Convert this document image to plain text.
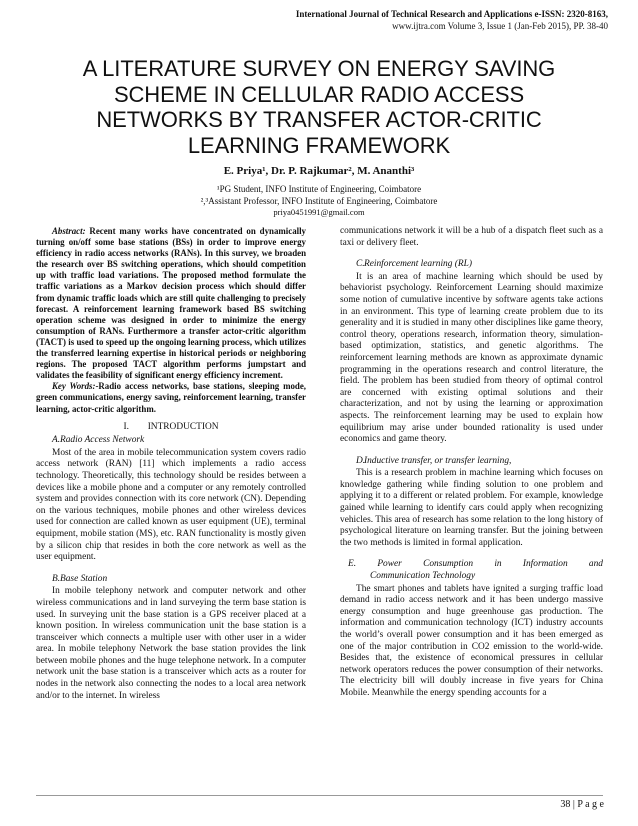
International Journal of Technical Research and Applications e-ISSN: 2320-8163,
www.ijtra.com Volume 3, Issue 1 (Jan-Feb 2015), PP. 38-40
A LITERATURE SURVEY ON ENERGY SAVING
SCHEME IN CELLULAR RADIO ACCESS
NETWORKS BY TRANSFER ACTOR-CRITIC
LEARNING FRAMEWORK
E. Priya¹, Dr. P. Rajkumar², M. Ananthi³
¹PG Student, INFO Institute of Engineering, Coimbatore
²,³Assistant Professor, INFO Institute of Engineering, Coimbatore
priya0451991@gmail.com

Abstract: Recent many works have concentrated on dynamically turning on/off some base stations (BSs) in order to improve energy efficiency in radio access networks (RANs). In this survey, we broaden the research over BS switching operations, which should competition up with traffic load variations. The proposed method formulate the traffic variations as a Markov decision process which should differ from dynamic traffic loads which are still quite challenging to precisely forecast. A reinforcement learning framework based BS switching operation scheme was designed in order to minimize the energy consumption of RANs. Furthermore a transfer actor-critic algorithm (TACT) is used to speed up the ongoing learning process, which utilizes the transferred learning expertise in historical periods or neighboring regions. The proposed TACT algorithm performs jumpstart and validates the feasibility of significant energy efficiency increment.

Key Words:-Radio access networks, base stations, sleeping mode, green communications, energy saving, reinforcement learning, transfer learning, actor-critic algorithm.

I. INTRODUCTION
A.Radio Access Network

Most of the area in mobile telecommunication system covers radio access network (RAN) [11] which implements a radio access technology. Theoretically, this technology should be resides between a devices like a mobile phone and a computer or any remotely controlled system and provides connection with its core network (CN). Depending on the various techniques, mobile phones and other wireless devices used for connection are called known as user equipment (UE), terminal equipment, mobile station (MS), etc. RAN functionality is mostly given by a silicon chip that resides in both the core network as well as the user equipment.

B.Base Station

In mobile telephony network and computer network and other wireless communications and in land surveying the term base station is used. In surveying unit the base station is a GPS receiver placed at a known position. In wireless communication unit the base station is a transceiver which connects a multiple user with other user in a wider area. In mobile telephony Network the base station provides the link between mobile phones and the huge telephone network. In a computer network unit the base station is a transceiver which acts as a router for nodes in the network also connecting the nodes to a local area network and/or to the internet. In wireless

communications network it will be a hub of a dispatch fleet such as a taxi or delivery fleet.

C.Reinforcement learning (RL)

It is an area of machine learning which should be used by behaviorist psychology. Reinforcement Learning should maximize some notion of cumulative incentive by software agents take actions in an environment. This type of learning create problem due to its generality and it is studied in many other disciplines like game theory, control theory, operations research, information theory, simulation-based optimization, statistics, and genetic algorithms. The reinforcement learning methods are known as approximate dynamic programming in the operations research and control literature, the field. The problem has been studied from theory of optimal control are concerned with existing optimal solutions and their characterization, and not by using the learning or approximation aspects. The reinforcement learning may be used to explain how equilibrium may arise under bounded rationality is used under economics and game theory.

D.Inductive transfer, or transfer learning,

This is a research problem in machine learning which focuses on knowledge gathering while finding solution to one problem and applying it to a different or related problem. For example, knowledge gained while learning to identify cars could apply when recognizing vehicles. This area of research has some relation to the long history of psychological literature on learning transfer. But the joining between the two methods is limited in formal application.

E. Power Consumption in Information and
Communication Technology

The smart phones and tablets have ignited a surging traffic load demand in radio access network and it has been undergo massive energy consumption and huge greenhouse gas production. The information and communication technology (ICT) industry accounts the world’s overall power consumption and it has been emerged as one of the major contribution in CO2 emission to the world-wide. Besides that, the existence of economical pressures in cellular network operators reduces the power consumption of their networks. The electricity bill will doubly increase in five years for China Mobile. Meanwhile the energy spending accounts for a

38 | P a g e
